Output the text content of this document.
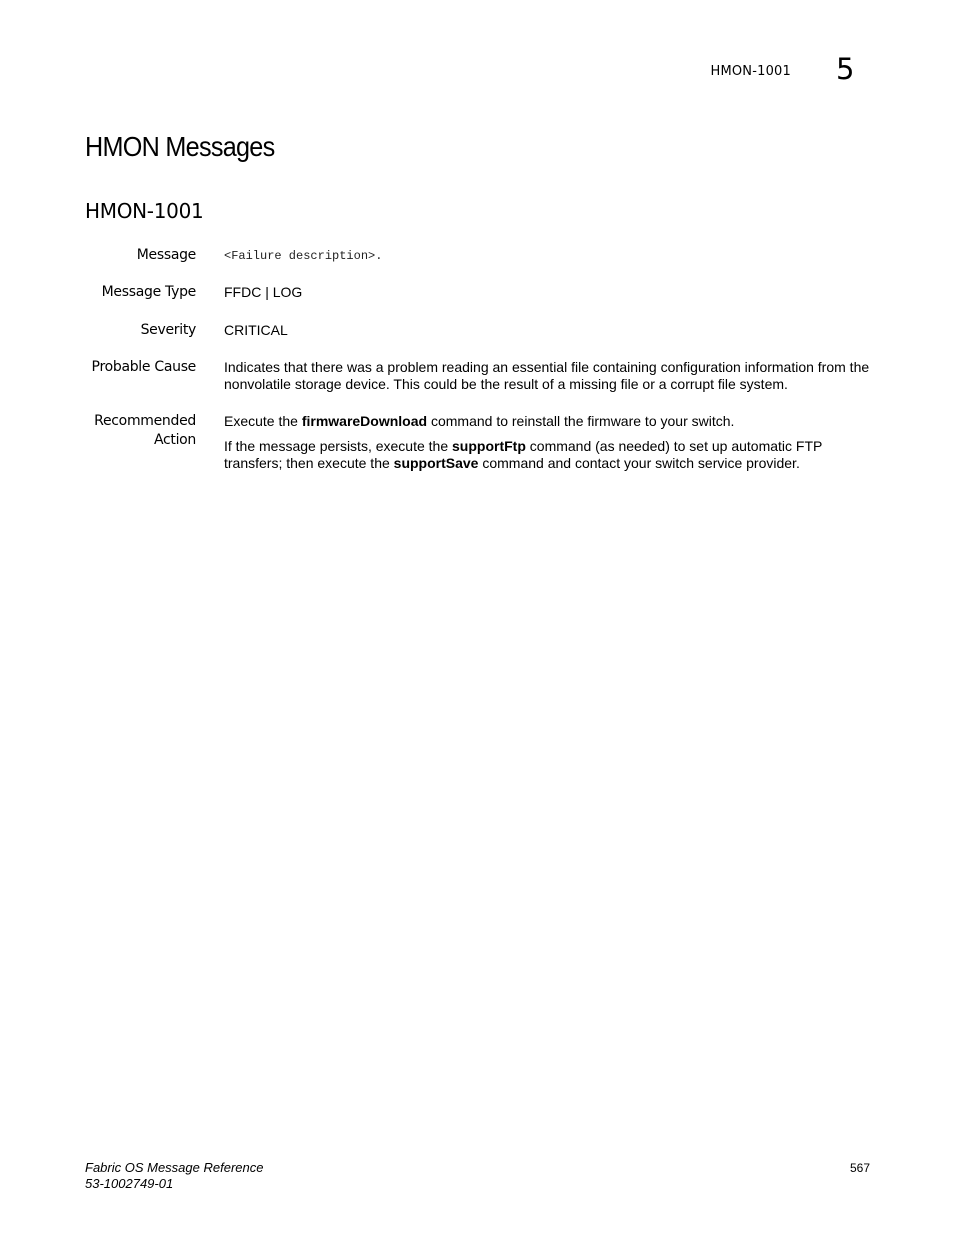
HMON-1001 5
HMON Messages
HMON-1001
Message <Failure description>.
Message Type FFDC | LOG
Severity CRITICAL
Probable Cause Indicates that there was a problem reading an essential file containing configuration information from the nonvolatile storage device. This could be the result of a missing file or a corrupt file system.
Recommended
Action

Execute the firmwareDownload command to reinstall the firmware to your switch.

If the message persists, execute the supportFtp command (as needed) to set up automatic FTP transfers; then execute the supportSave command and contact your switch service provider.

Fabric OS Message Reference
53-1002749-01
567
